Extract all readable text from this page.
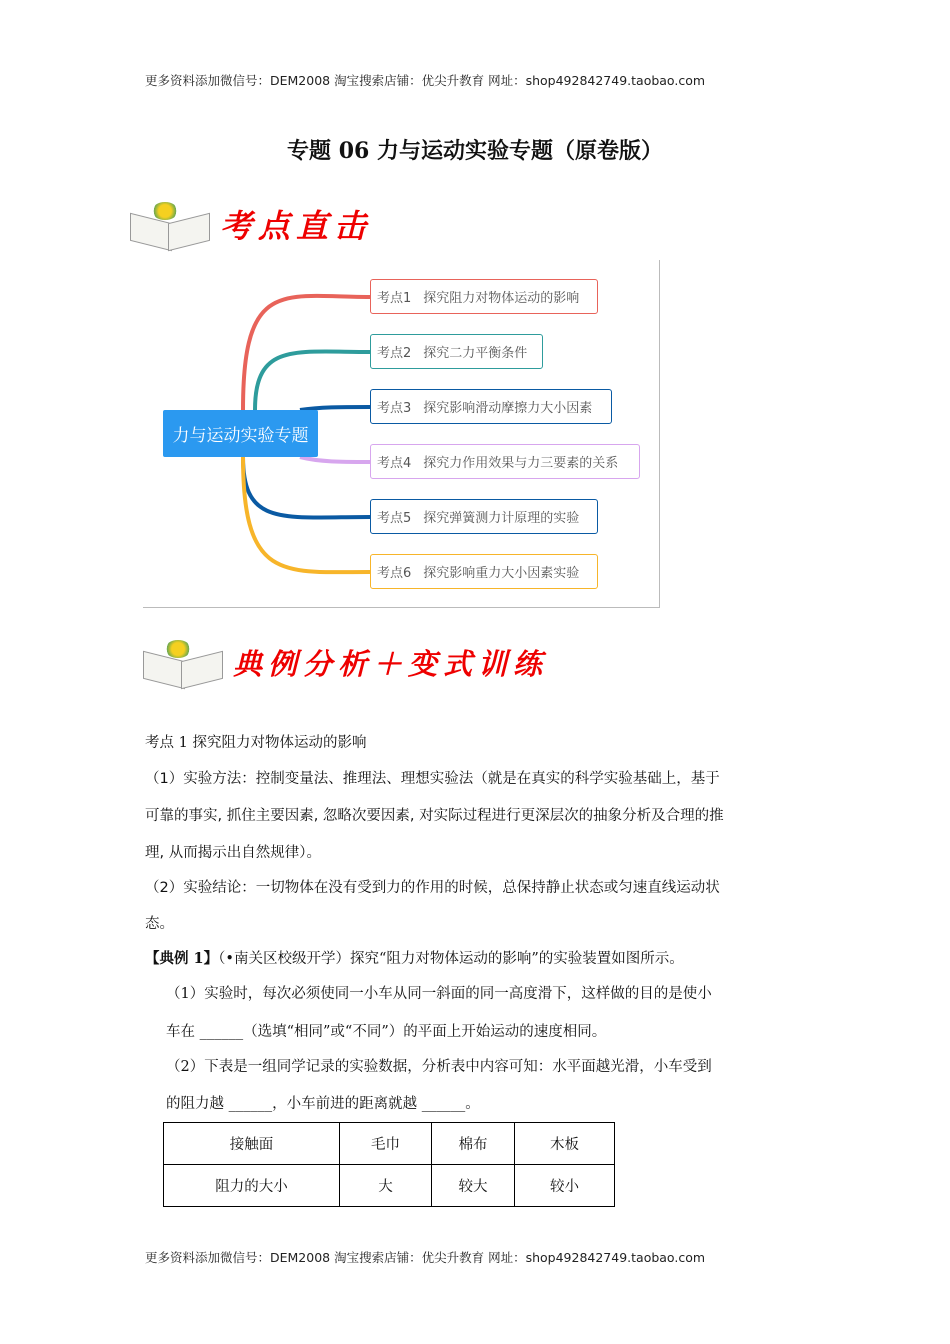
更多资料添加微信号：DEM2008 淘宝搜索店铺：优尖升教育 网址：shop492842749.taobao.com
专题 06 力与运动实验专题（原卷版）
考点直击
力与运动实验专题
考点1 探究阻力对物体运动的影响
考点2 探究二力平衡条件
考点3 探究影响滑动摩擦力大小因素
考点4 探究力作用效果与力三要素的关系
考点5 探究弹簧测力计原理的实验
考点6 探究影响重力大小因素实验
典例分析＋变式训练
考点 1 探究阻力对物体运动的影响
（1）实验方法：控制变量法、推理法、理想实验法（就是在真实的科学实验基础上，基于
可靠的事实, 抓住主要因素, 忽略次要因素, 对实际过程进行更深层次的抽象分析及合理的推
理, 从而揭示出自然规律）。
（2）实验结论：一切物体在没有受到力的作用的时候，总保持静止状态或匀速直线运动状
态。
【典例 1】（•南关区校级开学）探究“阻力对物体运动的影响”的实验装置如图所示。
（1）实验时，每次必须使同一小车从同一斜面的同一高度滑下，这样做的目的是使小
车在 ______（选填“相同”或“不同”）的平面上开始运动的速度相同。
（2）下表是一组同学记录的实验数据，分析表中内容可知：水平面越光滑，小车受到
的阻力越 ______，小车前进的距离就越 ______。
接触面	毛巾	棉布	木板
阻力的大小	大	较大	较小
更多资料添加微信号：DEM2008 淘宝搜索店铺：优尖升教育 网址：shop492842749.taobao.com
